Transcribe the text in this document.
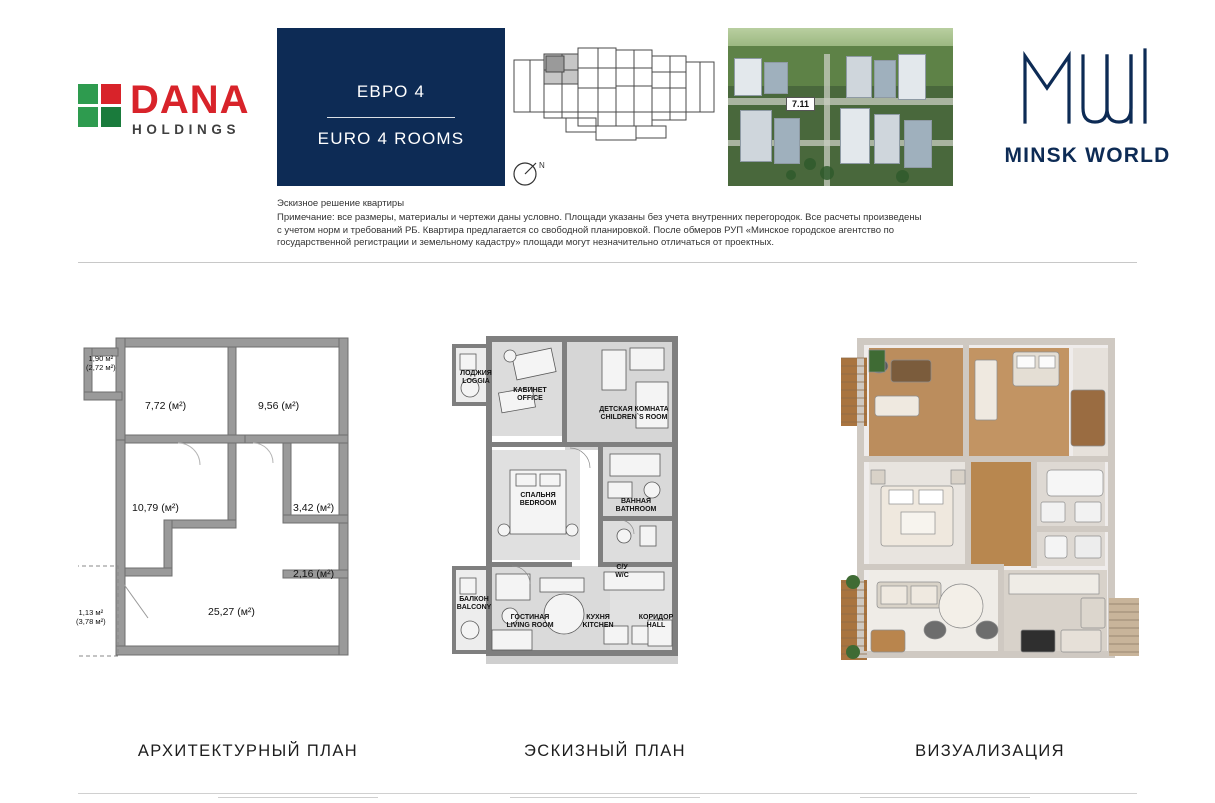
DANA
HOLDINGS
ЕВРО 4
EURO 4 ROOMS
N
7.11
MINSK WORLD
Эскизное решение квартиры
Примечание: все размеры, материалы и чертежи даны условно. Площади указаны без учета внутренних перегородок. Все расчеты произведены
с учетом норм и требований РБ. Квартира предлагается со свободной планировкой. После обмеров РУП «Минское городское агентство по
государственной регистрации и земельному кадастру» площади могут незначительно отличаться от проектных.
1,90 м²
(2,72 м²)
7,72 (м²)	9,56 (м²)
10,79 (м²)	3,42 (м²)
2,16 (м²)
25,27 (м²)
1,13 м²
(3,78 м²)
ЛОДЖИЯ
LOGGIA
КАБИНЕТ
OFFICE
ДЕТСКАЯ КОМНАТА
CHILDREN`S ROOM
СПАЛЬНЯ
BEDROOM	ВАННАЯ
BATHROOM
С/У
W/C
БАЛКОН
BALCONY
ГОСТИНАЯ
LIVING ROOM
КУХНЯ
KITCHEN
КОРИДОР
HALL
АРХИТЕКТУРНЫЙ ПЛАН	ЭСКИЗНЫЙ ПЛАН	ВИЗУАЛИЗАЦИЯ
